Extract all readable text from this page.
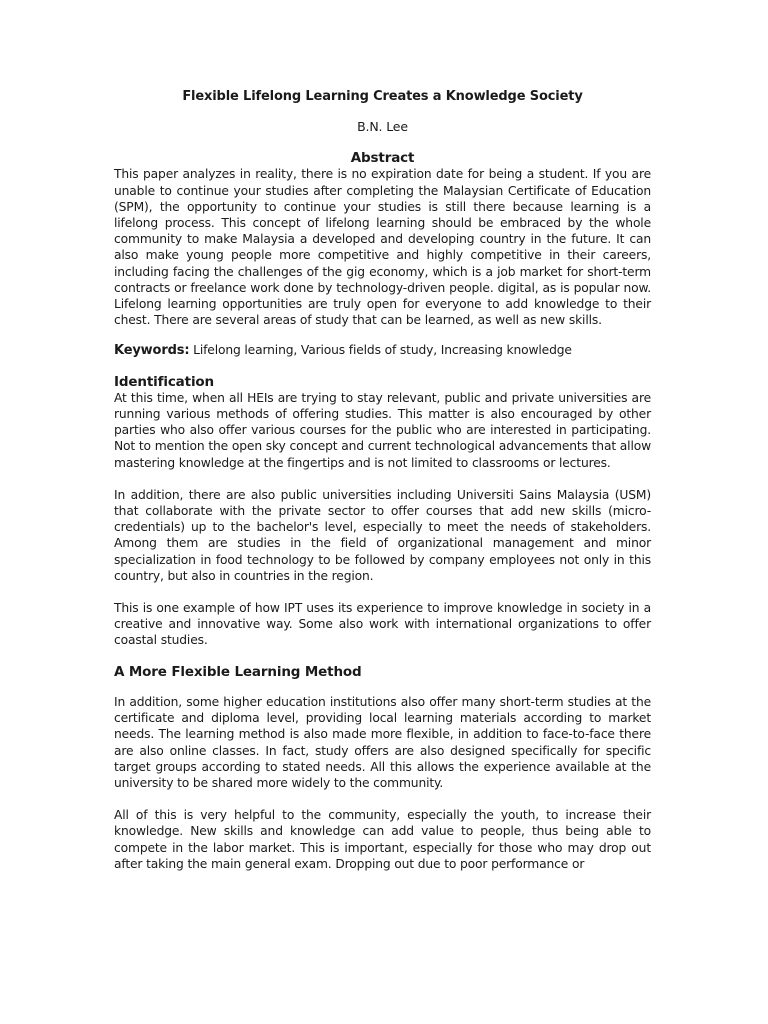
Flexible Lifelong Learning Creates a Knowledge Society

B.N. Lee

Abstract

This paper analyzes in reality, there is no expiration date for being a student. If you are unable to continue your studies after completing the Malaysian Certificate of Education (SPM), the opportunity to continue your studies is still there because learning is a lifelong process. This concept of lifelong learning should be embraced by the whole community to make Malaysia a developed and developing country in the future. It can also make young people more competitive and highly competitive in their careers, including facing the challenges of the gig economy, which is a job market for short-term contracts or freelance work done by technology-driven people. digital, as is popular now. Lifelong learning opportunities are truly open for everyone to add knowledge to their chest. There are several areas of study that can be learned, as well as new skills.

Keywords: Lifelong learning, Various fields of study, Increasing knowledge

Identification

At this time, when all HEIs are trying to stay relevant, public and private universities are running various methods of offering studies. This matter is also encouraged by other parties who also offer various courses for the public who are interested in participating. Not to mention the open sky concept and current technological advancements that allow mastering knowledge at the fingertips and is not limited to classrooms or lectures.

In addition, there are also public universities including Universiti Sains Malaysia (USM) that collaborate with the private sector to offer courses that add new skills (micro-credentials) up to the bachelor's level, especially to meet the needs of stakeholders. Among them are studies in the field of organizational management and minor specialization in food technology to be followed by company employees not only in this country, but also in countries in the region.

This is one example of how IPT uses its experience to improve knowledge in society in a creative and innovative way. Some also work with international organizations to offer coastal studies.

A More Flexible Learning Method

In addition, some higher education institutions also offer many short-term studies at the certificate and diploma level, providing local learning materials according to market needs. The learning method is also made more flexible, in addition to face-to-face there are also online classes. In fact, study offers are also designed specifically for specific target groups according to stated needs. All this allows the experience available at the university to be shared more widely to the community.

All of this is very helpful to the community, especially the youth, to increase their knowledge. New skills and knowledge can add value to people, thus being able to compete in the labor market. This is important, especially for those who may drop out after taking the main general exam. Dropping out due to poor performance or
